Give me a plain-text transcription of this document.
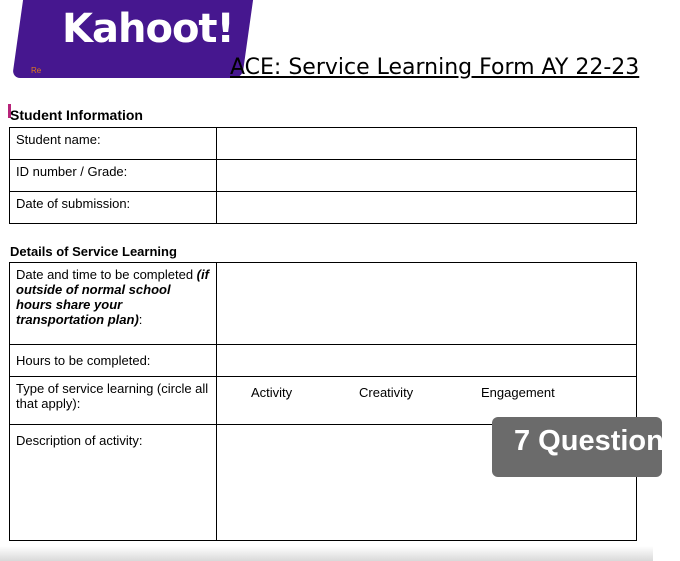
Kahoot!
Re	ACE: Service Learning Form AY 22-23
Student Information
Student name:	
ID number / Grade:	
Date of submission:	
Details of Service Learning
Date and time to be completed (if outside of normal school hours share your transportation plan):	
Hours to be completed:	
Type of service learning (circle all that apply):	Activity Creativity Engagement

Description of activity:		7 Questions
